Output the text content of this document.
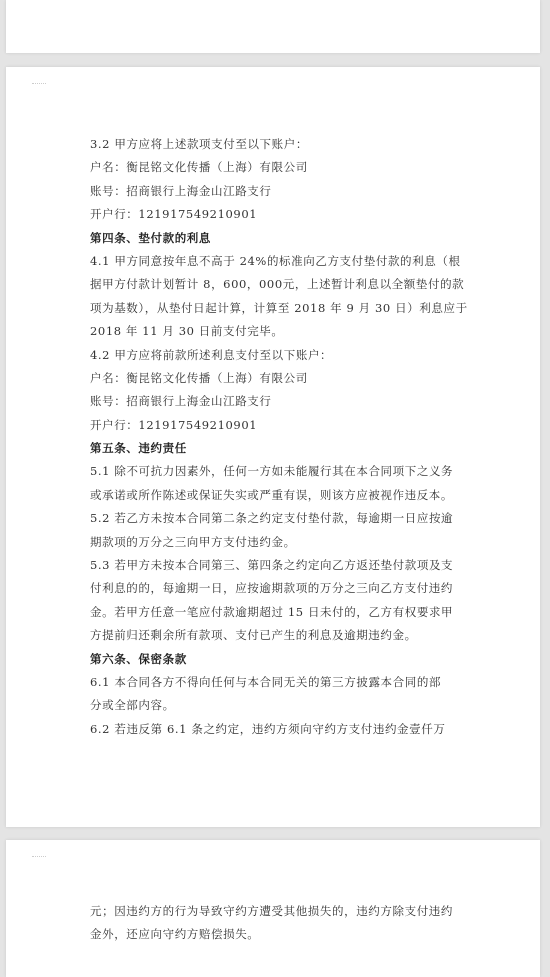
3.2 甲方应将上述款项支付至以下账户：
户名：衡昆铭文化传播（上海）有限公司
账号：招商银行上海金山江路支行
开户行：121917549210901
第四条、垫付款的利息
4.1 甲方同意按年息不高于 24%的标准向乙方支付垫付款的利息（根
据甲方付款计划暂计 8，600，000元，上述暂计利息以全额垫付的款
项为基数），从垫付日起计算，计算至 2018 年 9 月 30 日）利息应于
2018 年 11 月 30 日前支付完毕。
4.2 甲方应将前款所述利息支付至以下账户：
户名：衡昆铭文化传播（上海）有限公司
账号：招商银行上海金山江路支行
开户行：121917549210901
第五条、违约责任
5.1 除不可抗力因素外，任何一方如未能履行其在本合同项下之义务
或承诺或所作陈述或保证失实或严重有误，则该方应被视作违反本。
5.2 若乙方未按本合同第二条之约定支付垫付款，每逾期一日应按逾
期款项的万分之三向甲方支付违约金。
5.3 若甲方未按本合同第三、第四条之约定向乙方返还垫付款项及支
付利息的的，每逾期一日，应按逾期款项的万分之三向乙方支付违约
金。若甲方任意一笔应付款逾期超过 15 日未付的，乙方有权要求甲
方提前归还剩余所有款项、支付已产生的利息及逾期违约金。
第六条、保密条款
6.1 本合同各方不得向任何与本合同无关的第三方披露本合同的部
分或全部内容。
6.2 若违反第 6.1 条之约定，违约方须向守约方支付违约金壹仟万
元；因违约方的行为导致守约方遭受其他损失的，违约方除支付违约
金外，还应向守约方赔偿损失。
